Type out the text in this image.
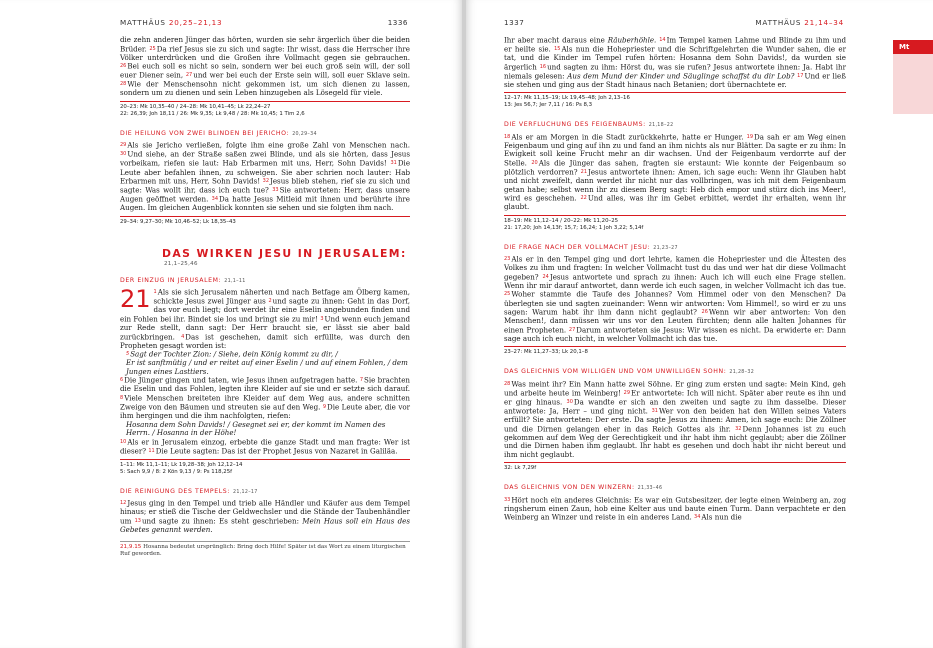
MATTHÄUS 20,25–21,13	1336

die zehn anderen Jünger das hörten, wurden sie sehr ärgerlich über die beiden Brüder. $^{25}$Da rief Jesus sie zu sich und sagte: Ihr wisst, dass die Herrscher ihre Völker unterdrücken und die Großen ihre Vollmacht gegen sie gebrauchen. $^{26}$Bei euch soll es nicht so sein, sondern wer bei euch groß sein will, der soll euer Diener sein, $^{27}$und wer bei euch der Erste sein will, soll euer Sklave sein. $^{28}$Wie der Menschensohn nicht gekommen ist, um sich dienen zu lassen, sondern um zu dienen und sein Leben hinzugeben als Lösegeld für viele.

20–23: Mk 10,35–40 / 24–28: Mk 10,41–45; Lk 22,24–27
22: 26,39; Joh 18,11 / 26: Mk 9,35; Lk 9,48 / 28: Mk 10,45; 1 Tim 2,6
DIE HEILUNG VON ZWEI BLINDEN BEI JERICHO: 20,29–34

$^{29}$Als sie Jericho verließen, folgte ihm eine große Zahl von Menschen nach. $^{30}$Und siehe, an der Straße saßen zwei Blinde, und als sie hörten, dass Jesus vorbeikam, riefen sie laut: Hab Erbarmen mit uns, Herr, Sohn Davids! $^{31}$Die Leute aber befahlen ihnen, zu schweigen. Sie aber schrien noch lauter: Hab Erbarmen mit uns, Herr, Sohn Davids! $^{32}$Jesus blieb stehen, rief sie zu sich und sagte: Was wollt ihr, dass ich euch tue? $^{33}$Sie antworteten: Herr, dass unsere Augen geöffnet werden. $^{34}$Da hatte Jesus Mitleid mit ihnen und berührte ihre Augen. Im gleichen Augenblick konnten sie sehen und sie folgten ihm nach.

29–34: 9,27–30; Mk 10,46–52; Lk 18,35–43
DAS WIRKEN JESU IN JERUSALEM: 21,1–25,46
DER EINZUG IN JERUSALEM: 21,1–11

21 $^1$Als sie sich Jerusalem näherten und nach Betfage am Ölberg kamen, schickte Jesus zwei Jünger aus $^2$und sagte zu ihnen: Geht in das Dorf, das vor euch liegt; dort werdet ihr eine Eselin angebunden finden und ein Fohlen bei ihr. Bindet sie los und bringt sie zu mir! $^3$Und wenn euch jemand zur Rede stellt, dann sagt: Der Herr braucht sie, er lässt sie aber bald zurückbringen. $^4$Das ist geschehen, damit sich erfüllte, was durch den Propheten gesagt worden ist:

$^5$Sagt der Tochter Zion: / Siehe, dein König kommt zu dir, /
Er ist sanftmütig / und er reitet auf einer Eselin / und auf einem Fohlen, / dem Jungen eines Lasttiers.

$^6$Die Jünger gingen und taten, wie Jesus ihnen aufgetragen hatte. $^7$Sie brachten die Eselin und das Fohlen, legten ihre Kleider auf sie und er setzte sich darauf. $^8$Viele Menschen breiteten ihre Kleider auf dem Weg aus, andere schnitten Zweige von den Bäumen und streuten sie auf den Weg. $^9$Die Leute aber, die vor ihm hergingen und die ihm nachfolgten, riefen:

Hosanna dem Sohn Davids! / Gesegnet sei er, der kommt im Namen des Herrn. / Hosanna in der Höhe!

$^{10}$Als er in Jerusalem einzog, erbebte die ganze Stadt und man fragte: Wer ist dieser? $^{11}$Die Leute sagten: Das ist der Prophet Jesus von Nazaret in Galiläa.

1–11: Mk 11,1–11; Lk 19,28–38; Joh 12,12–14
5: Sach 9,9 / 8: 2 Kön 9,13 / 9: Ps 118,25f
DIE REINIGUNG DES TEMPELS: 21,12–17

$^{12}$Jesus ging in den Tempel und trieb alle Händler und Käufer aus dem Tempel hinaus; er stieß die Tische der Geldwechsler und die Stände der Taubenhändler um $^{13}$und sagte zu ihnen: Es steht geschrieben: Mein Haus soll ein Haus des Gebetes genannt werden.

21,9.15 Hosanna bedeutet ursprünglich: Bring doch Hilfe! Später ist das Wort zu einem liturgischen Ruf geworden.
1337	MATTHÄUS 21,14–34
Mt

Ihr aber macht daraus eine Räuberhöhle. $^{14}$Im Tempel kamen Lahme und Blinde zu ihm und er heilte sie. $^{15}$Als nun die Hohepriester und die Schriftgelehrten die Wunder sahen, die er tat, und die Kinder im Tempel rufen hörten: Hosanna dem Sohn Davids!, da wurden sie ärgerlich $^{16}$und sagten zu ihm: Hörst du, was sie rufen? Jesus antwortete ihnen: Ja. Habt ihr niemals gelesen: Aus dem Mund der Kinder und Säuglinge schaffst du dir Lob? $^{17}$Und er ließ sie stehen und ging aus der Stadt hinaus nach Betanien; dort übernachtete er.

12–17: Mk 11,15–19; Lk 19,45–48; Joh 2,13–16
13: Jes 56,7; Jer 7,11 / 16: Ps 8,3
DIE VERFLUCHUNG DES FEIGENBAUMS: 21,18–22

$^{18}$Als er am Morgen in die Stadt zurückkehrte, hatte er Hunger. $^{19}$Da sah er am Weg einen Feigenbaum und ging auf ihn zu und fand an ihm nichts als nur Blätter. Da sagte er zu ihm: In Ewigkeit soll keine Frucht mehr an dir wachsen. Und der Feigenbaum verdorrte auf der Stelle. $^{20}$Als die Jünger das sahen, fragten sie erstaunt: Wie konnte der Feigenbaum so plötzlich verdorren? $^{21}$Jesus antwortete ihnen: Amen, ich sage euch: Wenn ihr Glauben habt und nicht zweifelt, dann werdet ihr nicht nur das vollbringen, was ich mit dem Feigenbaum getan habe; selbst wenn ihr zu diesem Berg sagt: Heb dich empor und stürz dich ins Meer!, wird es geschehen. $^{22}$Und alles, was ihr im Gebet erbittet, werdet ihr erhalten, wenn ihr glaubt.

18–19: Mk 11,12–14 / 20–22: Mk 11,20–25
21: 17,20; Joh 14,13f; 15,7; 16,24; 1 Joh 3,22; 5,14f
DIE FRAGE NACH DER VOLLMACHT JESU: 21,23–27

$^{23}$Als er in den Tempel ging und dort lehrte, kamen die Hohepriester und die Ältesten des Volkes zu ihm und fragten: In welcher Vollmacht tust du das und wer hat dir diese Vollmacht gegeben? $^{24}$Jesus antwortete und sprach zu ihnen: Auch ich will euch eine Frage stellen. Wenn ihr mir darauf antwortet, dann werde ich euch sagen, in welcher Vollmacht ich das tue. $^{25}$Woher stammte die Taufe des Johannes? Vom Himmel oder von den Menschen? Da überlegten sie und sagten zueinander: Wenn wir antworten: Vom Himmel!, so wird er zu uns sagen: Warum habt ihr ihm dann nicht geglaubt? $^{26}$Wenn wir aber antworten: Von den Menschen!, dann müssen wir uns vor den Leuten fürchten; denn alle halten Johannes für einen Propheten. $^{27}$Darum antworteten sie Jesus: Wir wissen es nicht. Da erwiderte er: Dann sage auch ich euch nicht, in welcher Vollmacht ich das tue.

23–27: Mk 11,27–33; Lk 20,1–8
DAS GLEICHNIS VOM WILLIGEN UND VOM UNWILLIGEN SOHN: 21,28–32

$^{28}$Was meint ihr? Ein Mann hatte zwei Söhne. Er ging zum ersten und sagte: Mein Kind, geh und arbeite heute im Weinberg! $^{29}$Er antwortete: Ich will nicht. Später aber reute es ihn und er ging hinaus. $^{30}$Da wandte er sich an den zweiten und sagte zu ihm dasselbe. Dieser antwortete: Ja, Herr – und ging nicht. $^{31}$Wer von den beiden hat den Willen seines Vaters erfüllt? Sie antworteten: Der erste. Da sagte Jesus zu ihnen: Amen, ich sage euch: Die Zöllner und die Dirnen gelangen eher in das Reich Gottes als ihr. $^{32}$Denn Johannes ist zu euch gekommen auf dem Weg der Gerechtigkeit und ihr habt ihm nicht geglaubt; aber die Zöllner und die Dirnen haben ihm geglaubt. Ihr habt es gesehen und doch habt ihr nicht bereut und ihm nicht geglaubt.

32: Lk 7,29f
DAS GLEICHNIS VON DEN WINZERN: 21,33–46

$^{33}$Hört noch ein anderes Gleichnis: Es war ein Gutsbesitzer, der legte einen Weinberg an, zog ringsherum einen Zaun, hob eine Kelter aus und baute einen Turm. Dann verpachtete er den Weinberg an Winzer und reiste in ein anderes Land. $^{34}$Als nun die
